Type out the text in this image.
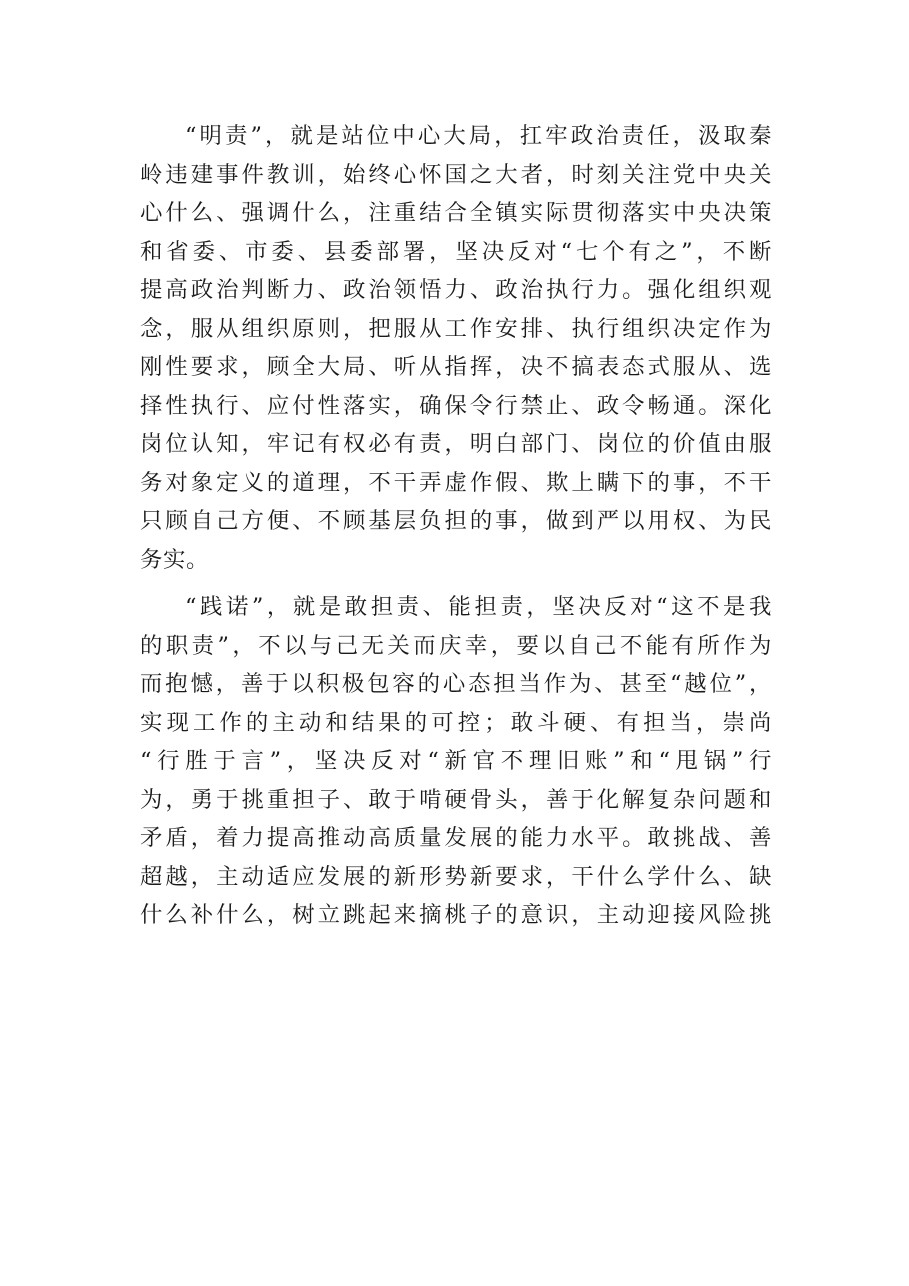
“明责”，就是站位中心大局，扛牢政治责任，汲取秦
岭违建事件教训，始终心怀国之大者，时刻关注党中央关
心什么、强调什么，注重结合全镇实际贯彻落实中央决策
和省委、市委、县委部署，坚决反对“七个有之”，不断
提高政治判断力、政治领悟力、政治执行力。强化组织观
念，服从组织原则，把服从工作安排、执行组织决定作为
刚性要求，顾全大局、听从指挥，决不搞表态式服从、选
择性执行、应付性落实，确保令行禁止、政令畅通。深化
岗位认知，牢记有权必有责，明白部门、岗位的价值由服
务对象定义的道理，不干弄虚作假、欺上瞒下的事，不干
只顾自己方便、不顾基层负担的事，做到严以用权、为民
务实。
“践诺”，就是敢担责、能担责，坚决反对“这不是我
的职责”，不以与己无关而庆幸，要以自己不能有所作为
而抱憾，善于以积极包容的心态担当作为、甚至“越位”，
实现工作的主动和结果的可控；敢斗硬、有担当，崇尚
“行胜于言”，坚决反对“新官不理旧账”和“甩锅”行
为，勇于挑重担子、敢于啃硬骨头，善于化解复杂问题和
矛盾，着力提高推动高质量发展的能力水平。敢挑战、善
超越，主动适应发展的新形势新要求，干什么学什么、缺
什么补什么，树立跳起来摘桃子的意识，主动迎接风险挑
